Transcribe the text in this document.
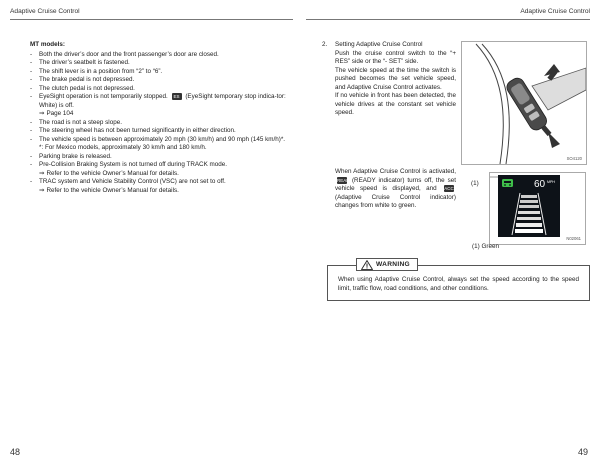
Adaptive Cruise Control	Adaptive Cruise Control
MT models:
- Both the driver’s door and the front passenger’s door are closed.
- The driver’s seatbelt is fastened.
- The shift lever is in a position from “2” to “6”.
- The brake pedal is not depressed.
- The clutch pedal is not depressed.
- EyeSight operation is not temporarily stopped. ES (EyeSight temporary stop indica-tor: White) is off.
⇒ Page 104
- The road is not a steep slope.
- The steering wheel has not been turned significantly in either direction.
- The vehicle speed is between approximately 20 mph (30 km/h) and 90 mph (145 km/h)*.
*: For Mexico models, approximately 30 km/h and 180 km/h.
- Parking brake is released.
- Pre-Collision Braking System is not turned off during TRACK mode.
⇒ Refer to the vehicle Owner’s Manual for details.
- TRAC system and Vehicle Stability Control (VSC) are not set to off.
⇒ Refer to the vehicle Owner’s Manual for details.
48
2.	Setting Adaptive Cruise Control

Push the cruise control switch to the “+ RES” side or the “- SET” side.

The vehicle speed at the time the switch is pushed becomes the set vehicle speed, and Adaptive Cruise Control activates.

If no vehicle in front has been detected, the vehicle drives at the constant set vehicle speed.

SO4120
When Adaptive Cruise Control is activated, READY (READY indicator) turns off, the set vehicle speed is displayed, and ACC (Adaptive Cruise Control indicator) changes from white to green.
(1)	60 MPH
N02061
(1) Green
WARNING
When using Adaptive Cruise Control, always set the speed according to the speed limit, traffic flow, road conditions, and other conditions.
49
